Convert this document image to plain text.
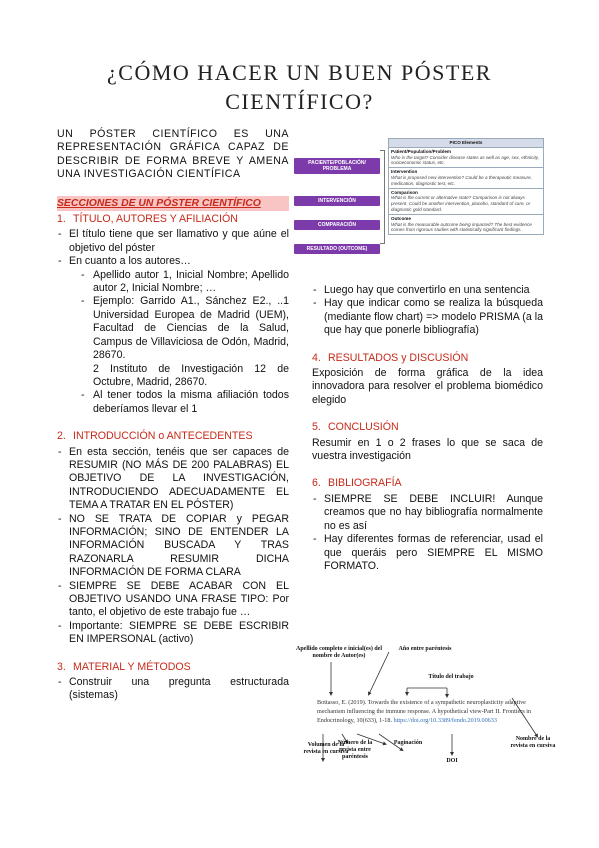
¿CÓMO HACER UN BUEN PÓSTER
CIENTÍFICO?

UN PÓSTER CIENTÍFICO ES UNA REPRESENTACIÓN GRÁFICA CAPAZ DE DESCRIBIR DE FORMA BREVE Y AMENA UNA INVESTIGACIÓN CIENTÍFICA

SECCIONES DE UN PÓSTER CIENTÍFICO
1. TÍTULO, AUTORES Y AFILIACIÓN
- El título tiene que ser llamativo y que aúne el objetivo del póster
- En cuanto a los autores…
- Apellido autor 1, Inicial Nombre; Apellido autor 2, Inicial Nombre; …
- Ejemplo: Garrido A1., Sánchez E2., ..1 Universidad Europea de Madrid (UEM), Facultad de Ciencias de la Salud, Campus de Villaviciosa de Odón, Madrid, 28670.
2 Instituto de Investigación 12 de Octubre, Madrid, 28670.
- Al tener todos la misma afiliación todos deberíamos llevar el 1
2. INTRODUCCIÓN o ANTECEDENTES
- En esta sección, tenéis que ser capaces de RESUMIR (NO MÁS DE 200 PALABRAS) EL OBJETIVO DE LA INVESTIGACIÓN, INTRODUCIENDO ADECUADAMENTE EL TEMA A TRATAR EN EL PÓSTER)
- NO SE TRATA DE COPIAR y PEGAR INFORMACIÓN; SINO DE ENTENDER LA INFORMACIÓN BUSCADA Y TRAS RAZONARLA RESUMIR DICHA INFORMACIÓN DE FORMA CLARA
- SIEMPRE SE DEBE ACABAR CON EL OBJETIVO USANDO UNA FRASE TIPO: Por tanto, el objetivo de este trabajo fue …
- Importante: SIEMPRE SE DEBE ESCRIBIR EN IMPERSONAL (activo)
3. MATERIAL Y MÉTODOS
- Construir una pregunta estructurada (sistemas)
PACIENTE/POBLACIÓN/ PROBLEMA
INTERVENCIÓN
COMPARACIÓN
RESULTADO (OUTCOME)
PICO Elements
Patient/Population/Problem
Who is the target? Consider disease states as well as age, sex, ethnicity, socioeconomic status, etc.
Intervention
What is proposed new intervention? Could be a therapeutic measure, medication, diagnostic test, etc.
Comparison
What is the current or alternative state? Comparison is not always present. Could be another intervention, placebo, standard of care, or diagnostic gold standard.
Outcome
What is the measurable outcome being impacted? The best evidence comes from rigorous studies with statistically significant findings.
- Luego hay que convertirlo en una sentencia
- Hay que indicar como se realiza la búsqueda (mediante flow chart) => modelo PRISMA (a la que hay que ponerle bibliografía)
4. RESULTADOS y DISCUSIÓN
Exposición de forma gráfica de la idea innovadora para resolver el problema biomédico elegido
5. CONCLUSIÓN
Resumir en 1 o 2 frases lo que se saca de vuestra investigación
6. BIBLIOGRAFÍA
- SIEMPRE SE DEBE INCLUIR! Aunque creamos que no hay bibliografía normalmente no es así
- Hay diferentes formas de referenciar, usad el que queráis pero SIEMPRE EL MISMO FORMATO.
Apellido completo e inicial(es) del nombre de Autor(es)
Año entre paréntesis
Título del trabajo
Bottasso, E. (2019). Towards the existence of a sympathetic neuroplasticity adaptive
mechanism influencing the immune response. A hypothetical view-Part II. Frontiers in
Endocrinology, 10(633), 1-18. https://doi.org/10.3389/fendo.2019.00633
Volumen de la revista en cursiva
Número de la revista entre paréntesis
Paginación
DOI
Nombre de la revista en cursiva
